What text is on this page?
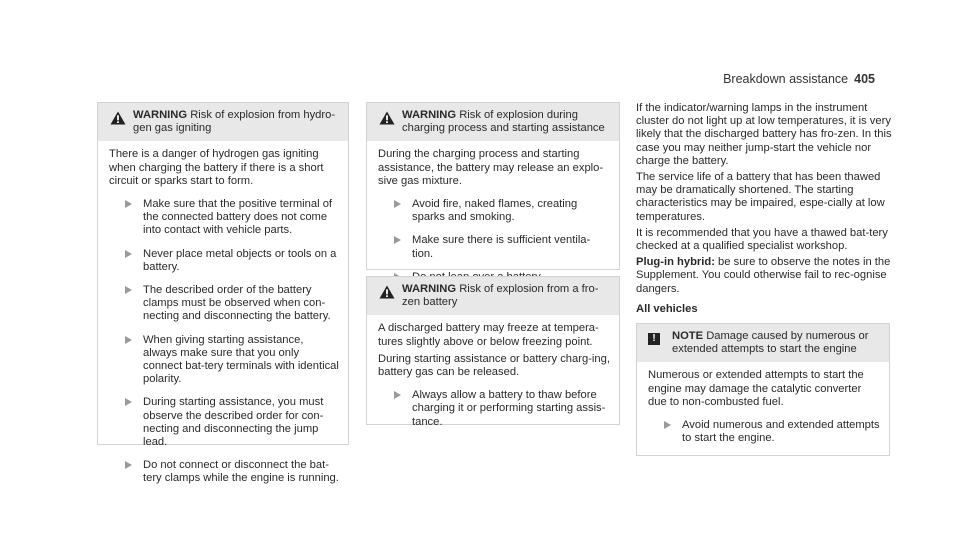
Breakdown assistance 405
WARNING Risk of explosion from hydro-gen gas igniting

There is a danger of hydrogen gas igniting when charging the battery if there is a short circuit or sparks start to form.

Make sure that the positive terminal of the connected battery does not come into contact with vehicle parts.
Never place metal objects or tools on a battery.
The described order of the battery clamps must be observed when con-necting and disconnecting the battery.
When giving starting assistance, always make sure that you only connect bat-tery terminals with identical polarity.
During starting assistance, you must observe the described order for con-necting and disconnecting the jump lead.
Do not connect or disconnect the bat-tery clamps while the engine is running.
WARNING Risk of explosion during charging process and starting assistance

During the charging process and starting assistance, the battery may release an explo-sive gas mixture.

Avoid fire, naked flames, creating sparks and smoking.
Make sure there is sufficient ventila-tion.
WARNING Risk of explosion from a fro-zen battery

A discharged battery may freeze at tempera-tures slightly above or below freezing point.

During starting assistance or battery charg-ing, battery gas can be released.

Always allow a battery to thaw before charging it or performing starting assis-tance.

If the indicator/warning lamps in the instrument cluster do not light up at low temperatures, it is very likely that the discharged battery has fro-zen. In this case you may neither jump-start the vehicle nor charge the battery.

The service life of a battery that has been thawed may be dramatically shortened. The starting characteristics may be impaired, espe-cially at low temperatures.

It is recommended that you have a thawed bat-tery checked at a qualified specialist workshop.

Plug-in hybrid: be sure to observe the notes in the Supplement. You could otherwise fail to rec-ognise dangers.

All vehicles
!	NOTE Damage caused by numerous or extended attempts to start the engine

Numerous or extended attempts to start the engine may damage the catalytic converter due to non-combusted fuel.

Avoid numerous and extended attempts to start the engine.
